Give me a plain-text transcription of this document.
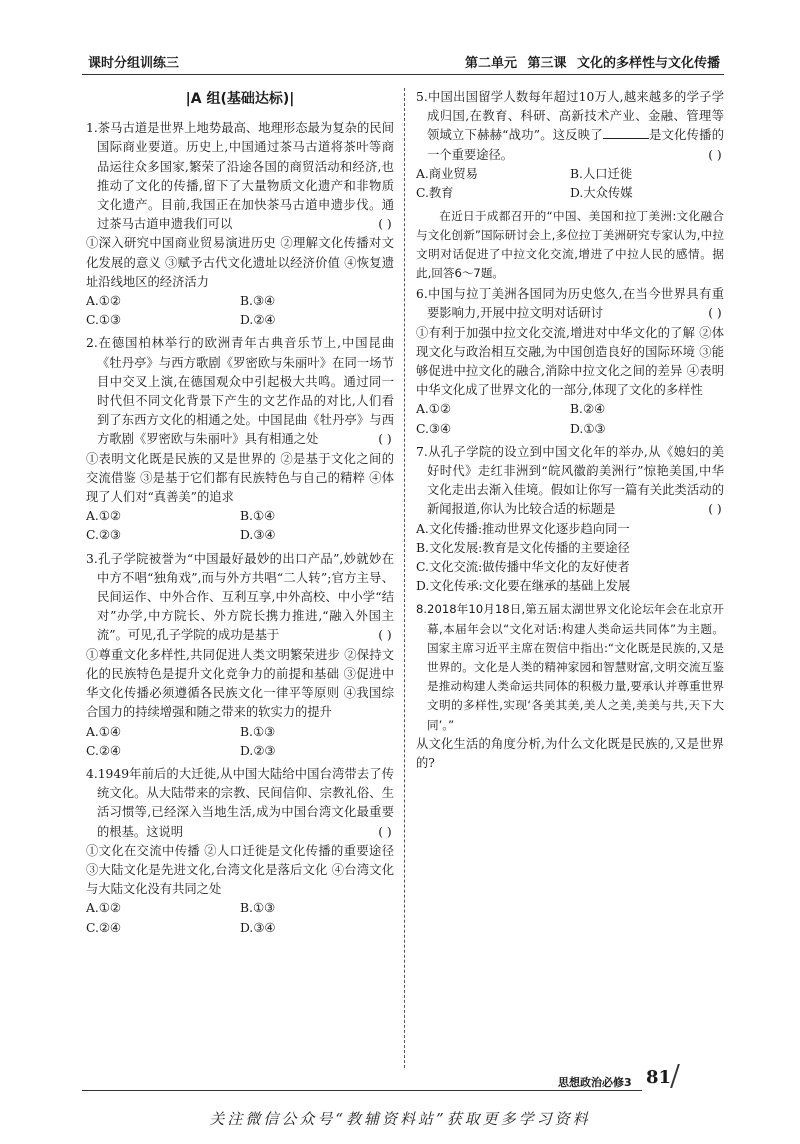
课时分组训练三	第二单元 第三课 文化的多样性与文化传播
|A 组(基础达标)|
1.茶马古道是世界上地势最高、地理形态最为复杂的民间国际商业要道。历史上,中国通过茶马古道将茶叶等商品运往众多国家,繁荣了沿途各国的商贸活动和经济,也推动了文化的传播,留下了大量物质文化遗产和非物质文化遗产。目前,我国正在加快茶马古道申遗步伐。通过茶马古道申遗我们可以	( )
①深入研究中国商业贸易演进历史 ②理解文化传播对文化发展的意义 ③赋予古代文化遗址以经济价值 ④恢复遗址沿线地区的经济活力
A.①②	B.③④
C.①③	D.②④
2.在德国柏林举行的欧洲青年古典音乐节上,中国昆曲《牡丹亭》与西方歌剧《罗密欧与朱丽叶》在同一场节目中交叉上演,在德国观众中引起极大共鸣。通过同一时代但不同文化背景下产生的文艺作品的对比,人们看到了东西方文化的相通之处。中国昆曲《牡丹亭》与西方歌剧《罗密欧与朱丽叶》具有相通之处	( )
①表明文化既是民族的又是世界的 ②是基于文化之间的交流借鉴 ③是基于它们都有民族特色与自己的精粹 ④体现了人们对“真善美”的追求
A.①②	B.①④
C.②③	D.③④
3.孔子学院被誉为“中国最好最妙的出口产品”,妙就妙在中方不唱“独角戏”,而与外方共唱“二人转”;官方主导、民间运作、中外合作、互利互享,中外高校、中小学“结对”办学,中方院长、外方院长携力推进,“融入外国主流”。可见,孔子学院的成功是基于	( )
①尊重文化多样性,共同促进人类文明繁荣进步 ②保持文化的民族特色是提升文化竞争力的前提和基础 ③促进中华文化传播必须遵循各民族文化一律平等原则 ④我国综合国力的持续增强和随之带来的软实力的提升
A.①④	B.①③
C.②④	D.②③
4.1949年前后的大迁徙,从中国大陆给中国台湾带去了传统文化。从大陆带来的宗教、民间信仰、宗教礼俗、生活习惯等,已经深入当地生活,成为中国台湾文化最重要的根基。这说明	( )
①文化在交流中传播 ②人口迁徙是文化传播的重要途径 ③大陆文化是先进文化,台湾文化是落后文化 ④台湾文化与大陆文化没有共同之处
A.①②	B.①③
C.②④	D.③④
5.中国出国留学人数每年超过10万人,越来越多的学子学成归国,在教育、科研、高新技术产业、金融、管理等领域立下赫赫“战功”。这反映了	是文化传播的一个重要途径。	( )
A.商业贸易	B.人口迁徙
C.教育	D.大众传媒
在近日于成都召开的“中国、美国和拉丁美洲:文化融合与文化创新”国际研讨会上,多位拉丁美洲研究专家认为,中拉文明对话促进了中拉文化交流,增进了中拉人民的感情。据此,回答6～7题。
6.中国与拉丁美洲各国同为历史悠久,在当今世界具有重要影响力,开展中拉文明对话研讨	( )
①有利于加强中拉文化交流,增进对中华文化的了解 ②体现文化与政治相互交融,为中国创造良好的国际环境 ③能够促进中拉文化的融合,消除中拉文化之间的差异 ④表明中华文化成了世界文化的一部分,体现了文化的多样性
A.①②	B.②④
C.③④	D.①③
7.从孔子学院的设立到中国文化年的举办,从《媳妇的美好时代》走红非洲到“皖风徽韵美洲行”惊艳美国,中华文化走出去渐入佳境。假如让你写一篇有关此类活动的新闻报道,你认为比较合适的标题是	( )
A.文化传播:推动世界文化逐步趋向同一
B.文化发展:教育是文化传播的主要途径
C.文化交流:做传播中华文化的友好使者
D.文化传承:文化要在继承的基础上发展
8.2018年10月18日,第五届太湖世界文化论坛年会在北京开幕,本届年会以“文化对话:构建人类命运共同体”为主题。国家主席习近平主席在贺信中指出:“文化既是民族的,又是世界的。文化是人类的精神家园和智慧财富,文明交流互鉴是推动构建人类命运共同体的积极力量,要承认并尊重世界文明的多样性,实现‘各美其美,美人之美,美美与共,天下大同’。”
从文化生活的角度分析,为什么文化既是民族的,又是世界的?
思想政治必修3 81
关注微信公众号“教辅资料站”获取更多学习资料
